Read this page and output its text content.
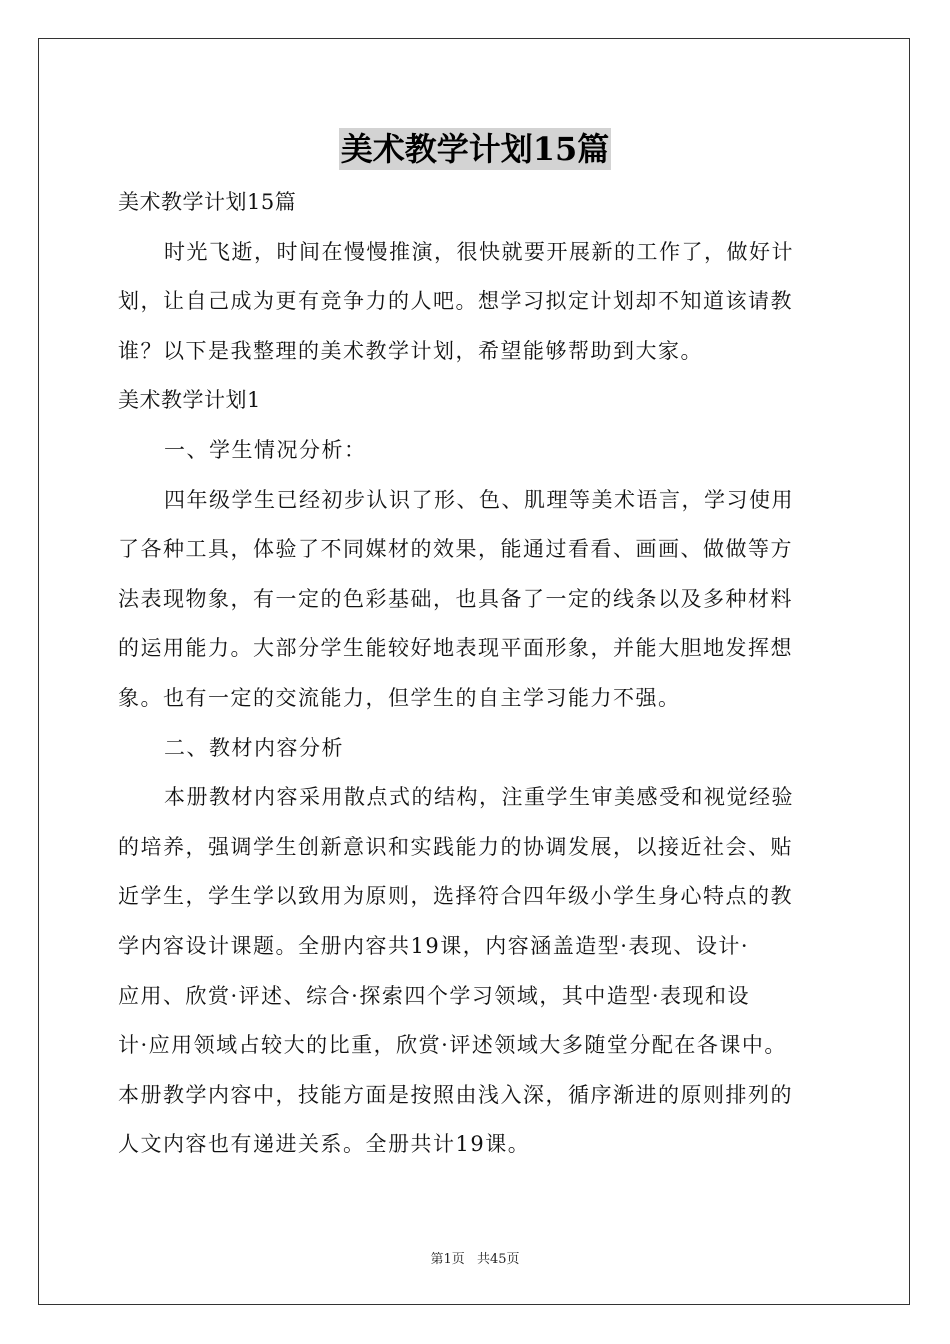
美术教学计划15篇
美术教学计划15篇
时光飞逝，时间在慢慢推演，很快就要开展新的工作了，做好计
划，让自己成为更有竞争力的人吧。想学习拟定计划却不知道该请教
谁？以下是我整理的美术教学计划，希望能够帮助到大家。
美术教学计划1
一、学生情况分析：
四年级学生已经初步认识了形、色、肌理等美术语言，学习使用
了各种工具，体验了不同媒材的效果，能通过看看、画画、做做等方
法表现物象，有一定的色彩基础，也具备了一定的线条以及多种材料
的运用能力。大部分学生能较好地表现平面形象，并能大胆地发挥想
象。也有一定的交流能力，但学生的自主学习能力不强。
二、教材内容分析
本册教材内容采用散点式的结构，注重学生审美感受和视觉经验
的培养，强调学生创新意识和实践能力的协调发展，以接近社会、贴
近学生，学生学以致用为原则，选择符合四年级小学生身心特点的教
学内容设计课题。全册内容共19课，内容涵盖造型·表现、设计·
应用、欣赏·评述、综合·探索四个学习领域，其中造型·表现和设
计·应用领域占较大的比重，欣赏·评述领域大多随堂分配在各课中。
本册教学内容中，技能方面是按照由浅入深，循序渐进的原则排列的
人文内容也有递进关系。全册共计19课。
第1页 共45页
